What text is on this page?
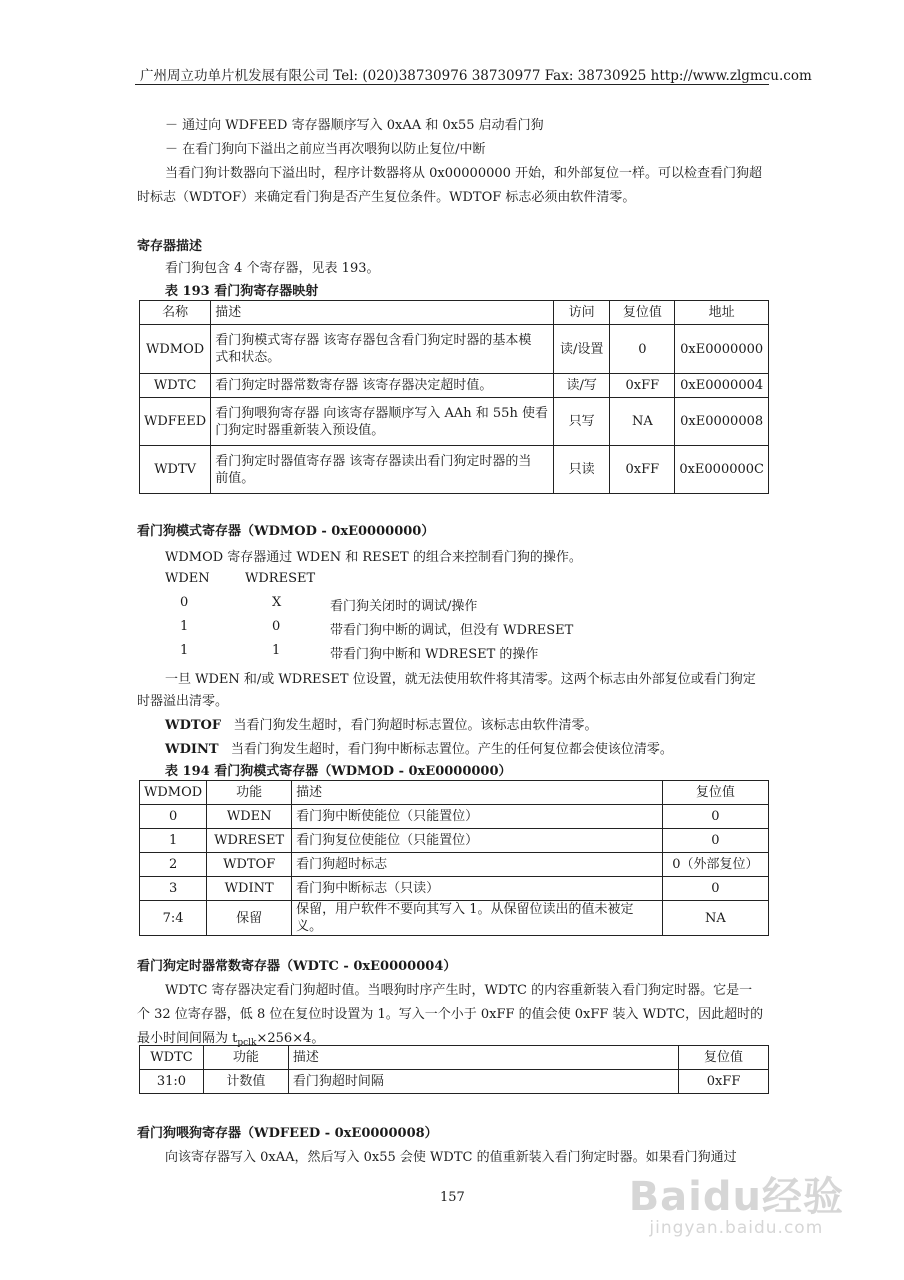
广州周立功单片机发展有限公司 Tel: (020)38730976 38730977 Fax: 38730925 http://www.zlgmcu.com
－ 通过向 WDFEED 寄存器顺序写入 0xAA 和 0x55 启动看门狗
－ 在看门狗向下溢出之前应当再次喂狗以防止复位/中断
当看门狗计数器向下溢出时，程序计数器将从 0x00000000 开始，和外部复位一样。可以检查看门狗超
时标志（WDTOF）来确定看门狗是否产生复位条件。WDTOF 标志必须由软件清零。
寄存器描述
看门狗包含 4 个寄存器，见表 193。
表 193 看门狗寄存器映射
名称	描述	访问	复位值	地址
WDMOD	看门狗模式寄存器 该寄存器包含看门狗定时器的基本模
式和状态。	读/设置	0	0xE0000000
WDTC	看门狗定时器常数寄存器 该寄存器决定超时值。	读/写	0xFF	0xE0000004
WDFEED	看门狗喂狗寄存器 向该寄存器顺序写入 AAh 和 55h 使看
门狗定时器重新装入预设值。	只写	NA	0xE0000008
WDTV	看门狗定时器值寄存器 该寄存器读出看门狗定时器的当
前值。	只读	0xFF	0xE000000C
看门狗模式寄存器（WDMOD - 0xE0000000）
WDMOD 寄存器通过 WDEN 和 RESET 的组合来控制看门狗的操作。
WDEN	WDRESET
0	X	看门狗关闭时的调试/操作
1	0	带看门狗中断的调试，但没有 WDRESET
1	1	带看门狗中断和 WDRESET 的操作
一旦 WDEN 和/或 WDRESET 位设置，就无法使用软件将其清零。这两个标志由外部复位或看门狗定
时器溢出清零。
WDTOF 当看门狗发生超时，看门狗超时标志置位。该标志由软件清零。
WDINT 当看门狗发生超时，看门狗中断标志置位。产生的任何复位都会使该位清零。
表 194 看门狗模式寄存器（WDMOD - 0xE0000000）
WDMOD	功能	描述	复位值
0	WDEN	看门狗中断使能位（只能置位）	0
1	WDRESET	看门狗复位使能位（只能置位）	0
2	WDTOF	看门狗超时标志	0（外部复位）
3	WDINT	看门狗中断标志（只读）	0
7:4	保留	保留，用户软件不要向其写入 1。从保留位读出的值未被定义。	NA
看门狗定时器常数寄存器（WDTC - 0xE0000004）
WDTC 寄存器决定看门狗超时值。当喂狗时序产生时，WDTC 的内容重新装入看门狗定时器。它是一
个 32 位寄存器，低 8 位在复位时设置为 1。写入一个小于 0xFF 的值会使 0xFF 装入 WDTC，因此超时的
最小时间间隔为 $t_{pclk}\times 256\times 4$。
WDTC	功能	描述	复位值
31:0	计数值	看门狗超时间隔	0xFF
看门狗喂狗寄存器（WDFEED - 0xE0000008）
向该寄存器写入 0xAA，然后写入 0x55 会使 WDTC 的值重新装入看门狗定时器。如果看门狗通过
157	Baidu经验
jingyan.baidu.com
